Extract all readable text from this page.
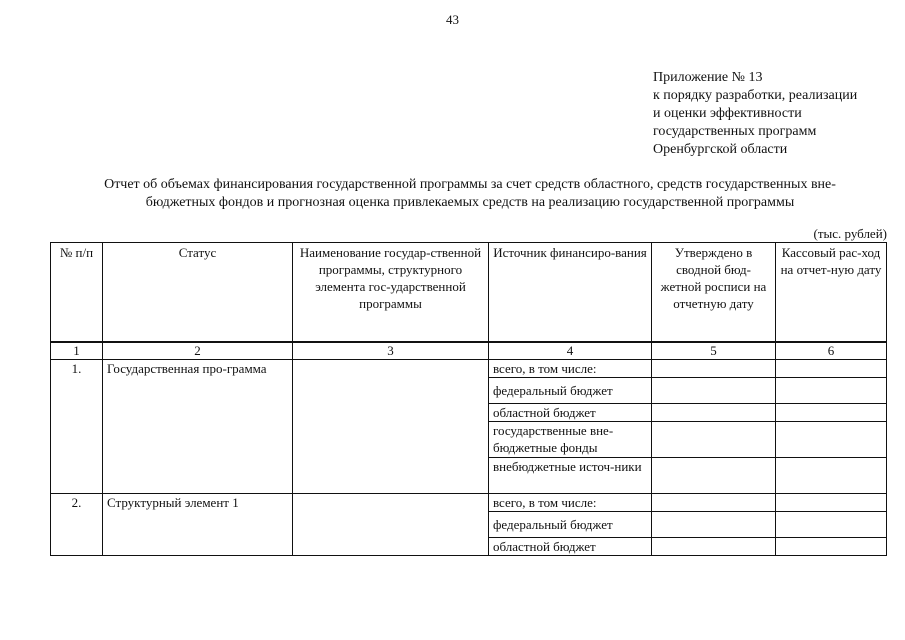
43
Приложение № 13
к порядку разработки, реализации
и оценки эффективности
государственных программ
Оренбургской области
Отчет об объемах финансирования государственной программы за счет средств областного, средств государственных вне-
бюджетных фондов и прогнозная оценка привлекаемых средств на реализацию государственной программы
(тыс. рублей)
№ п/п	Статус	Наименование государ-ственной программы, структурного элемента гос-ударственной программы	Источник финансиро-вания	Утверждено в сводной бюд-жетной росписи на отчетную дату	Кассовый рас-ход на отчет-ную дату
1	2	3	4	5	6
1.	Государственная про-грамма		всего, в том числе:		
			федеральный бюджет		
			областной бюджет		
			государственные вне-бюджетные фонды		
			внебюджетные источ-ники		
2.	Структурный элемент 1		всего, в том числе:		
			федеральный бюджет		
			областной бюджет		
